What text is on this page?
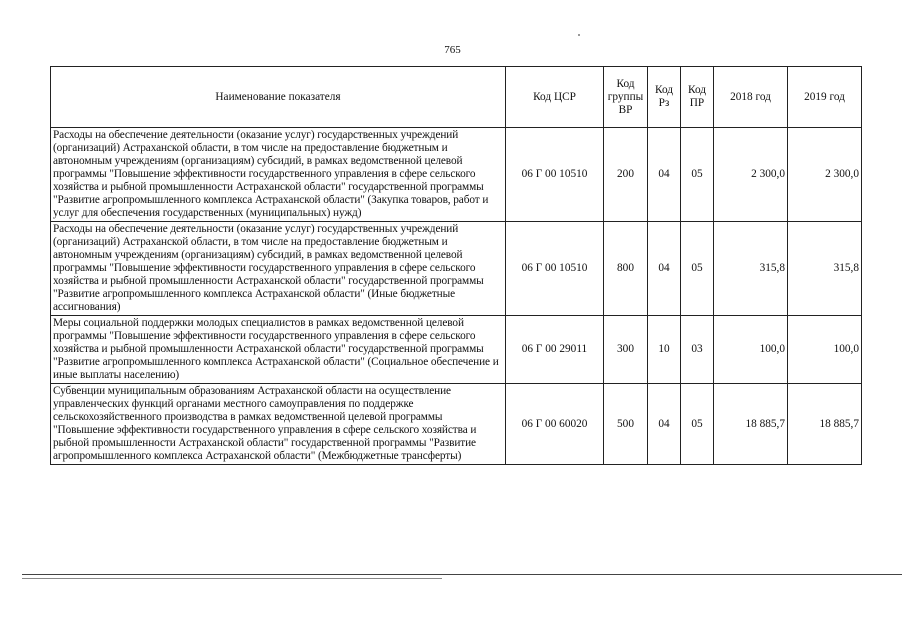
765
Наименование показателя	Код ЦСР	Код группы ВР	Код Рз	Код ПР	2018 год	2019 год
Расходы на обеспечение деятельности (оказание услуг) государственных учреждений (организаций) Астраханской области, в том числе на предоставление бюджетным и автономным учреждениям (организациям) субсидий, в рамках ведомственной целевой программы "Повышение эффективности государственного управления в сфере сельского хозяйства и рыбной промышленности Астраханской области" государственной программы "Развитие агропромышленного комплекса Астраханской области" (Закупка товаров, работ и услуг для обеспечения государственных (муниципальных) нужд)	06 Г 00 10510	200	04	05	2 300,0	2 300,0
Расходы на обеспечение деятельности (оказание услуг) государственных учреждений (организаций) Астраханской области, в том числе на предоставление бюджетным и автономным учреждениям (организациям) субсидий, в рамках ведомственной целевой программы "Повышение эффективности государственного управления в сфере сельского хозяйства и рыбной промышленности Астраханской области" государственной программы "Развитие агропромышленного комплекса Астраханской области" (Иные бюджетные ассигнования)	06 Г 00 10510	800	04	05	315,8	315,8
Меры социальной поддержки молодых специалистов в рамках ведомственной целевой программы "Повышение эффективности государственного управления в сфере сельского хозяйства и рыбной промышленности Астраханской области" государственной программы "Развитие агропромышленного комплекса Астраханской области" (Социальное обеспечение и иные выплаты населению)	06 Г 00 29011	300	10	03	100,0	100,0
Субвенции муниципальным образованиям Астраханской области на осуществление управленческих функций органами местного самоуправления по поддержке сельскохозяйственного производства в рамках ведомственной целевой программы "Повышение эффективности государственного управления в сфере сельского хозяйства и рыбной промышленности Астраханской области" государственной программы "Развитие агропромышленного комплекса Астраханской области" (Межбюджетные трансферты)	06 Г 00 60020	500	04	05	18 885,7	18 885,7
